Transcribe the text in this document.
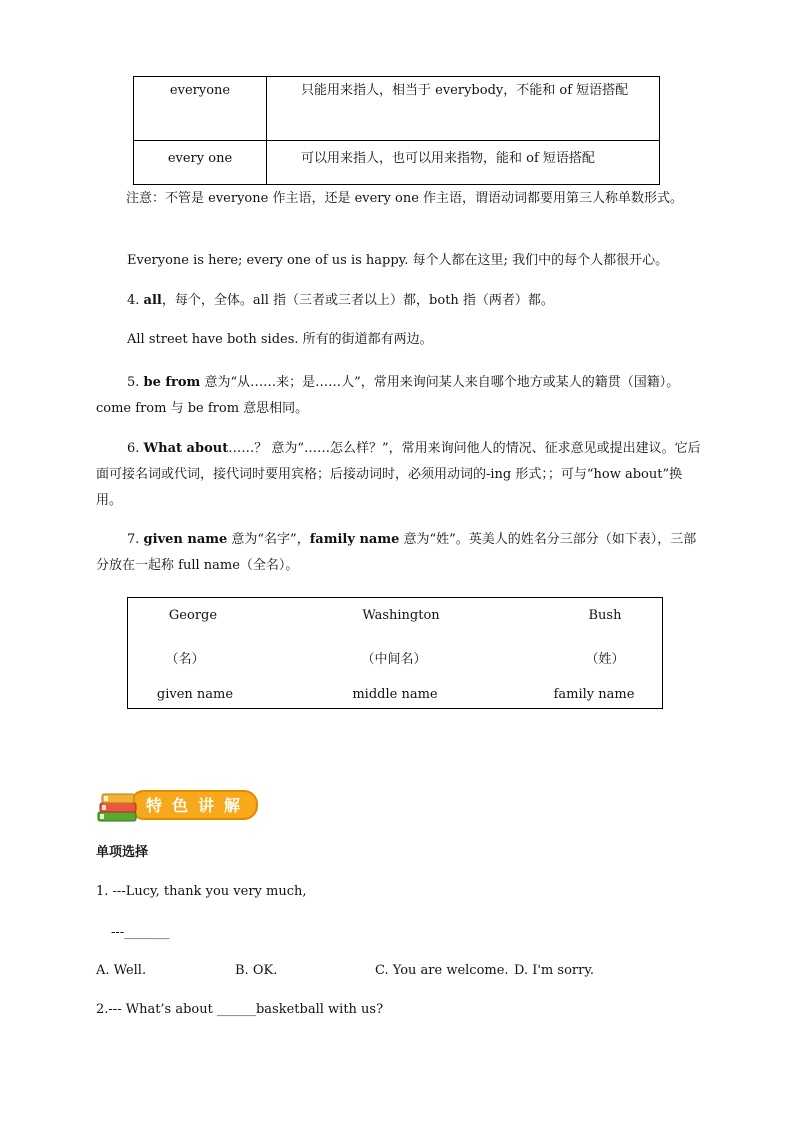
everyone	只能用来指人，相当于 everybody，不能和 of 短语搭配
every one	可以用来指人，也可以用来指物，能和 of 短语搭配
注意：不管是 everyone 作主语，还是 every one 作主语，谓语动词都要用第三人称单数形式。
Everyone is here; every one of us is happy. 每个人都在这里; 我们中的每个人都很开心。
4. all，每个，全体。all 指（三者或三者以上）都，both 指（两者）都。
All street have both sides. 所有的街道都有两边。
5. be from 意为“从……来；是……人”，常用来询问某人来自哪个地方或某人的籍贯（国籍）。 come from 与 be from 意思相同。
6. What about……？ 意为“……怎么样？”，常用来询问他人的情况、征求意见或提出建议。它后面可接名词或代词，接代词时要用宾格；后接动词时，必须用动词的-ing 形式；；可与“how about”换用。
7. given name 意为“名字”，family name 意为“姓”。英美人的姓名分三部分（如下表），三部分放在一起称 full name（全名）。
George	Washington	Bush
（名）	（中间名）	（姓）
given name	middle name	family name
特色讲解
单项选择
1. ---Lucy, thank you very much,
---_______
A. Well.	B. OK.	C. You are welcome. D. I'm sorry.
2.--- What’s about ______basketball with us?
